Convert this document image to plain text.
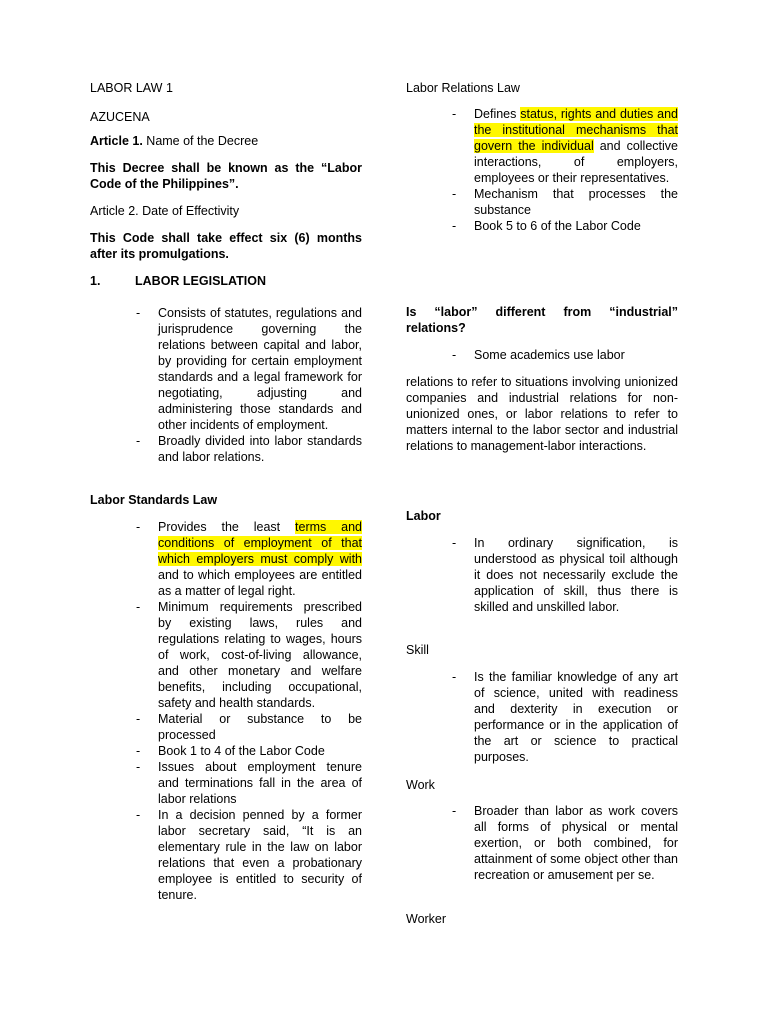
LABOR LAW 1
AZUCENA
Article 1. Name of the Decree
This Decree shall be known as the “Labor Code of the Philippines”.
Article 2. Date of Effectivity
This Code shall take effect six (6) months after its promulgations.
1.	LABOR LEGISLATION
- Consists of statutes, regulations and jurisprudence governing the relations between capital and labor, by providing for certain employment standards and a legal framework for negotiating, adjusting and administering those standards and other incidents of employment.
- Broadly divided into labor standards and labor relations.
Labor Standards Law
- Provides the least terms and conditions of employment of that which employers must comply with and to which employees are entitled as a matter of legal right.
- Minimum requirements prescribed by existing laws, rules and regulations relating to wages, hours of work, cost-of-living allowance, and other monetary and welfare benefits, including occupational, safety and health standards.
- Material or substance to be processed
- Book 1 to 4 of the Labor Code
- Issues about employment tenure and terminations fall in the area of labor relations
- In a decision penned by a former labor secretary said, “It is an elementary rule in the law on labor relations that even a probationary employee is entitled to security of tenure.
Labor Relations Law
- Defines status, rights and duties and the institutional mechanisms that govern the individual and collective interactions, of employers, employees or their representatives.
- Mechanism that processes the substance
- Book 5 to 6 of the Labor Code
Is “labor” different from “industrial” relations?
- Some academics use labor
relations to refer to situations involving unionized companies and industrial relations for non-unionized ones, or labor relations to refer to matters internal to the labor sector and industrial relations to management-labor interactions.
Labor
- In ordinary signification, is understood as physical toil although it does not necessarily exclude the application of skill, thus there is skilled and unskilled labor.
Skill
- Is the familiar knowledge of any art of science, united with readiness and dexterity in execution or performance or in the application of the art or science to practical purposes.
Work
- Broader than labor as work covers all forms of physical or mental exertion, or both combined, for attainment of some object other than recreation or amusement per se.
Worker
